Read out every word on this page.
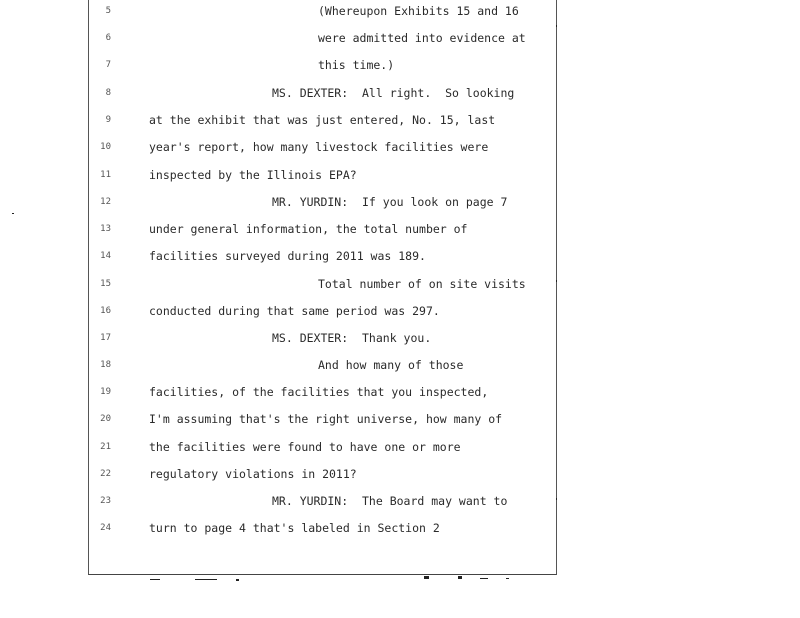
5	(Whereupon Exhibits 15 and 16
6	were admitted into evidence at
7	this time.)
8	MS. DEXTER:  All right.  So looking
9	at the exhibit that was just entered, No. 15, last
10	year's report, how many livestock facilities were
11	inspected by the Illinois EPA?
12	MR. YURDIN:  If you look on page 7
13	under general information, the total number of
14	facilities surveyed during 2011 was 189.
15	Total number of on site visits
16	conducted during that same period was 297.
17	MS. DEXTER:  Thank you.
18	And how many of those
19	facilities, of the facilities that you inspected,
20	I'm assuming that's the right universe, how many of
21	the facilities were found to have one or more
22	regulatory violations in 2011?
23	MR. YURDIN:  The Board may want to
24	turn to page 4 that's labeled in Section 2
